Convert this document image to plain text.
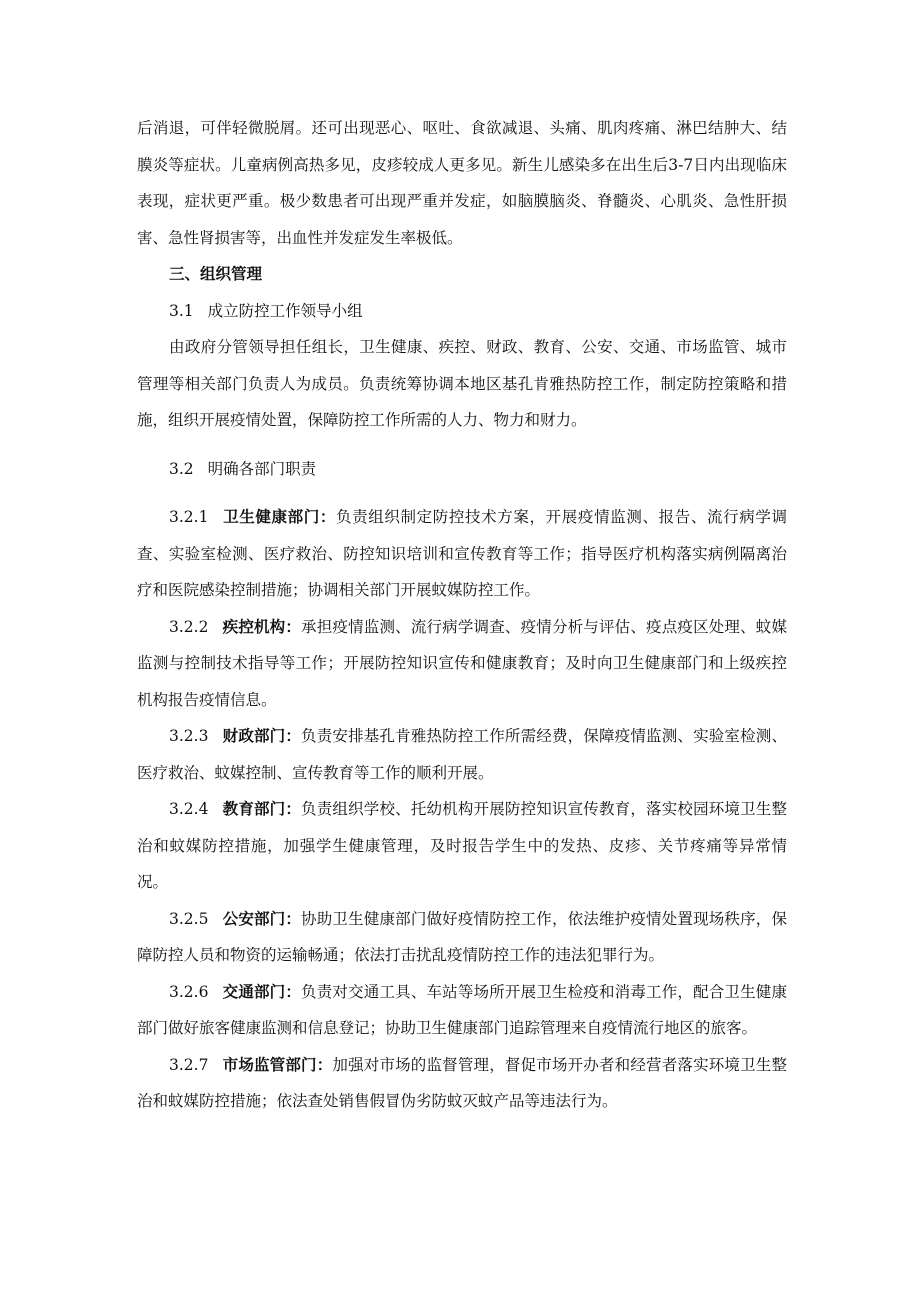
后消退，可伴轻微脱屑。还可出现恶心、呕吐、食欲减退、头痛、肌肉疼痛、淋巴结肿大、结膜炎等症状。儿童病例高热多见，皮疹较成人更多见。新生儿感染多在出生后3-7日内出现临床表现，症状更严重。极少数患者可出现严重并发症，如脑膜脑炎、脊髓炎、心肌炎、急性肝损害、急性肾损害等，出血性并发症发生率极低。

三、组织管理

3.1 成立防控工作领导小组

由政府分管领导担任组长，卫生健康、疾控、财政、教育、公安、交通、市场监管、城市管理等相关部门负责人为成员。负责统筹协调本地区基孔肯雅热防控工作，制定防控策略和措施，组织开展疫情处置，保障防控工作所需的人力、物力和财力。

3.2 明确各部门职责

3.2.1 卫生健康部门：负责组织制定防控技术方案，开展疫情监测、报告、流行病学调查、实验室检测、医疗救治、防控知识培训和宣传教育等工作；指导医疗机构落实病例隔离治疗和医院感染控制措施；协调相关部门开展蚊媒防控工作。

3.2.2 疾控机构：承担疫情监测、流行病学调查、疫情分析与评估、疫点疫区处理、蚊媒监测与控制技术指导等工作；开展防控知识宣传和健康教育；及时向卫生健康部门和上级疾控机构报告疫情信息。

3.2.3 财政部门：负责安排基孔肯雅热防控工作所需经费，保障疫情监测、实验室检测、医疗救治、蚊媒控制、宣传教育等工作的顺利开展。

3.2.4 教育部门：负责组织学校、托幼机构开展防控知识宣传教育，落实校园环境卫生整治和蚊媒防控措施，加强学生健康管理，及时报告学生中的发热、皮疹、关节疼痛等异常情况。

3.2.5 公安部门：协助卫生健康部门做好疫情防控工作，依法维护疫情处置现场秩序，保障防控人员和物资的运输畅通；依法打击扰乱疫情防控工作的违法犯罪行为。

3.2.6 交通部门：负责对交通工具、车站等场所开展卫生检疫和消毒工作，配合卫生健康部门做好旅客健康监测和信息登记；协助卫生健康部门追踪管理来自疫情流行地区的旅客。

3.2.7 市场监管部门：加强对市场的监督管理，督促市场开办者和经营者落实环境卫生整治和蚊媒防控措施；依法查处销售假冒伪劣防蚊灭蚊产品等违法行为。
